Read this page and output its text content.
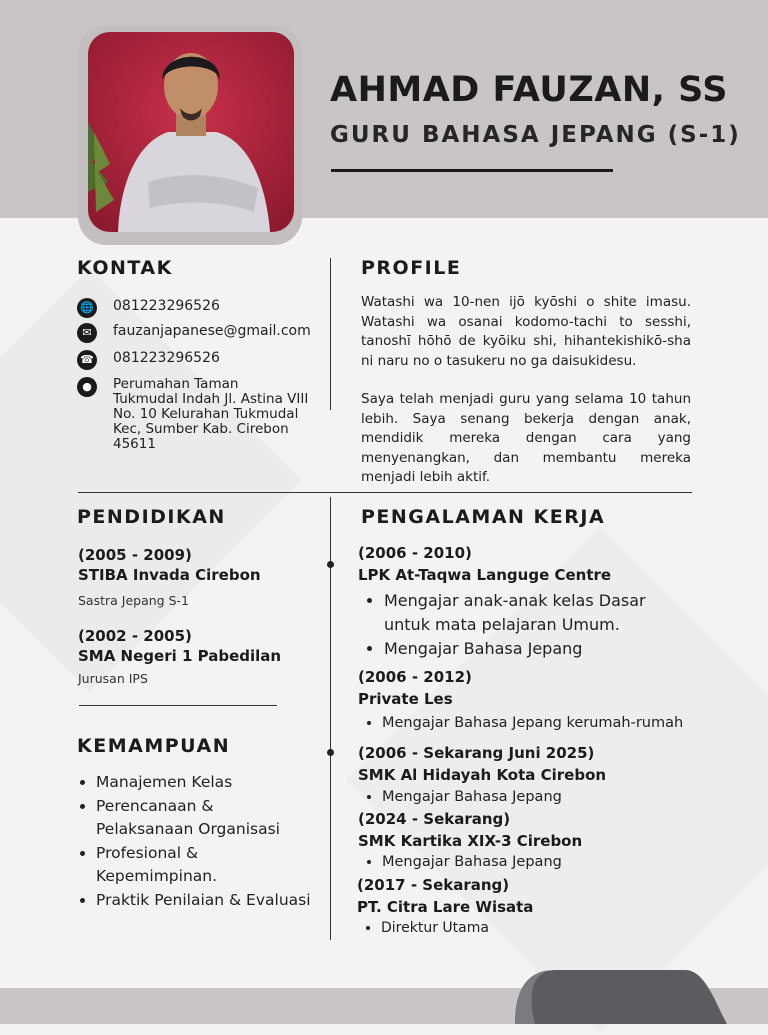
AHMAD FAUZAN, SS
GURU BAHASA JEPANG (S-1)
KONTAK
🌐 081223296526
✉	fauzanjapanese@gmail.com
☎ 081223296526
●	Perumahan Taman
Tukmudal Indah Jl. Astina VIII
No. 10 Kelurahan Tukmudal
Kec, Sumber Kab. Cirebon
45611
PROFILE

Watashi wa 10-nen ijō kyōshi o shite imasu. Watashi wa osanai kodomo-tachi to sesshi, tanoshī hōhō de kyōiku shi, hihantekishikō-sha ni naru no o tasukeru no ga daisukidesu.

Saya telah menjadi guru yang selama 10 tahun lebih. Saya senang bekerja dengan anak, mendidik mereka dengan cara yang menyenangkan, dan membantu mereka menjadi lebih aktif.

PENDIDIKAN

(2005 - 2009)

STIBA Invada Cirebon

Sastra Jepang S-1

(2002 - 2005)

SMA Negeri 1 Pabedilan

Jurusan IPS

KEMAMPUAN
• Manajemen Kelas
• Perencanaan &
Pelaksanaan Organisasi
• Profesional &
Kepemimpinan.
• Praktik Penilaian & Evaluasi
PENGALAMAN KERJA

(2006 - 2010)

LPK At-Taqwa Languge Centre

• Mengajar anak-anak kelas Dasar
untuk mata pelajaran Umum.
• Mengajar Bahasa Jepang

(2006 - 2012)

Private Les

• Mengajar Bahasa Jepang kerumah-rumah

(2006 - Sekarang Juni 2025)

SMK Al Hidayah Kota Cirebon

• Mengajar Bahasa Jepang

(2024 - Sekarang)

SMK Kartika XIX-3 Cirebon

• Mengajar Bahasa Jepang

(2017 - Sekarang)

PT. Citra Lare Wisata

• Direktur Utama
